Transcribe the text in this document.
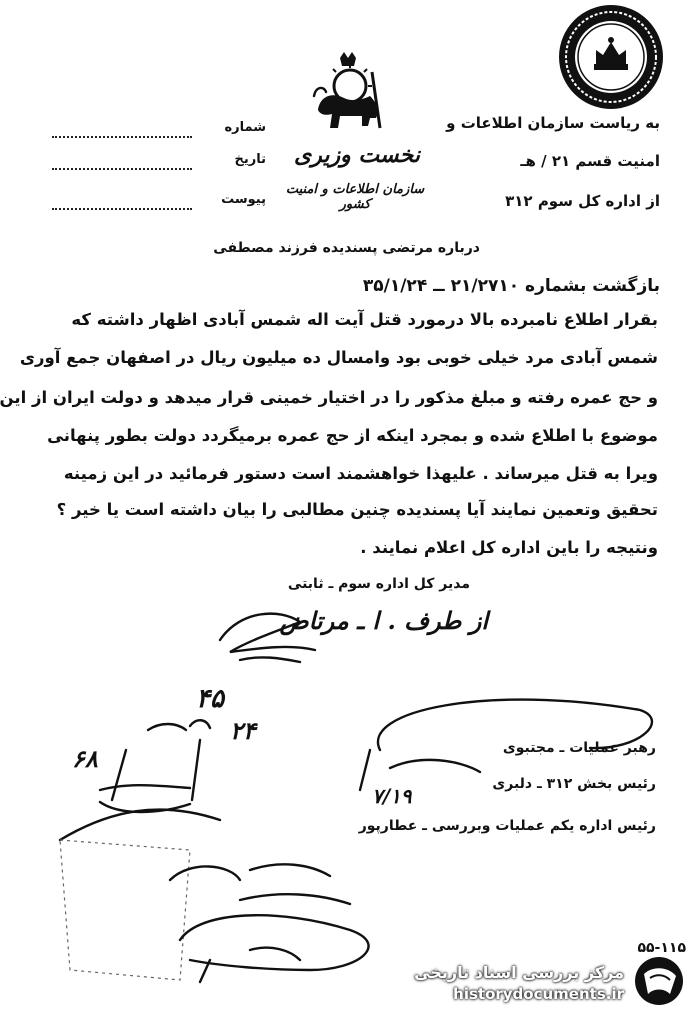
شماره
تاریخ
پیوست
به ریاست سازمان اطلاعات و
امنیت قسم ۲۱ / هـ
از اداره کل سوم ۳۱۲
نخست وزیری
سازمان اطلاعات و امنیت کشور
درباره مرتضی پسندیده فرزند مصطفی
بازگشت بشماره ۲۱/۲۷۱۰ ــ ۳۵/۱/۲۴
بقرار اطلاع نامبرده بالا درمورد قتل آیت اله شمس آبادی اظهار داشته که
شمس آبادی مرد خیلی خوبی بود وامسال ده میلیون ریال در اصفهان جمع آوری
و حج عمره رفته و مبلغ مذکور را در اختیار خمینی قرار میدهد و دولت ایران از این
موضوع با اطلاع شده و بمجرد اینکه از حج عمره برمیگردد دولت بطور پنهانی
ویرا به قتل میرساند . علیهذا خواهشمند است دستور فرمائید در این زمینه
تحقیق وتعمین نمایند آیا پسندیده چنین مطالبی را بیان داشته است یا خیر ؟
ونتیجه را باین اداره کل اعلام نمایند .
مدیر کل اداره سوم ـ ثابتی
از طرف . ا ـ مرتاض
۴۵
۲۴
۶۸	رهبر عملیات ـ مجتبوی
رئیس بخش ۳۱۲ ـ دلبری
رئیس اداره یکم عملیات وبررسی ـ عطارپور
۷/۱۹
۵۵-۱۱۵
مرکز بررسی اسناد تاریخی
historydocuments.ir
